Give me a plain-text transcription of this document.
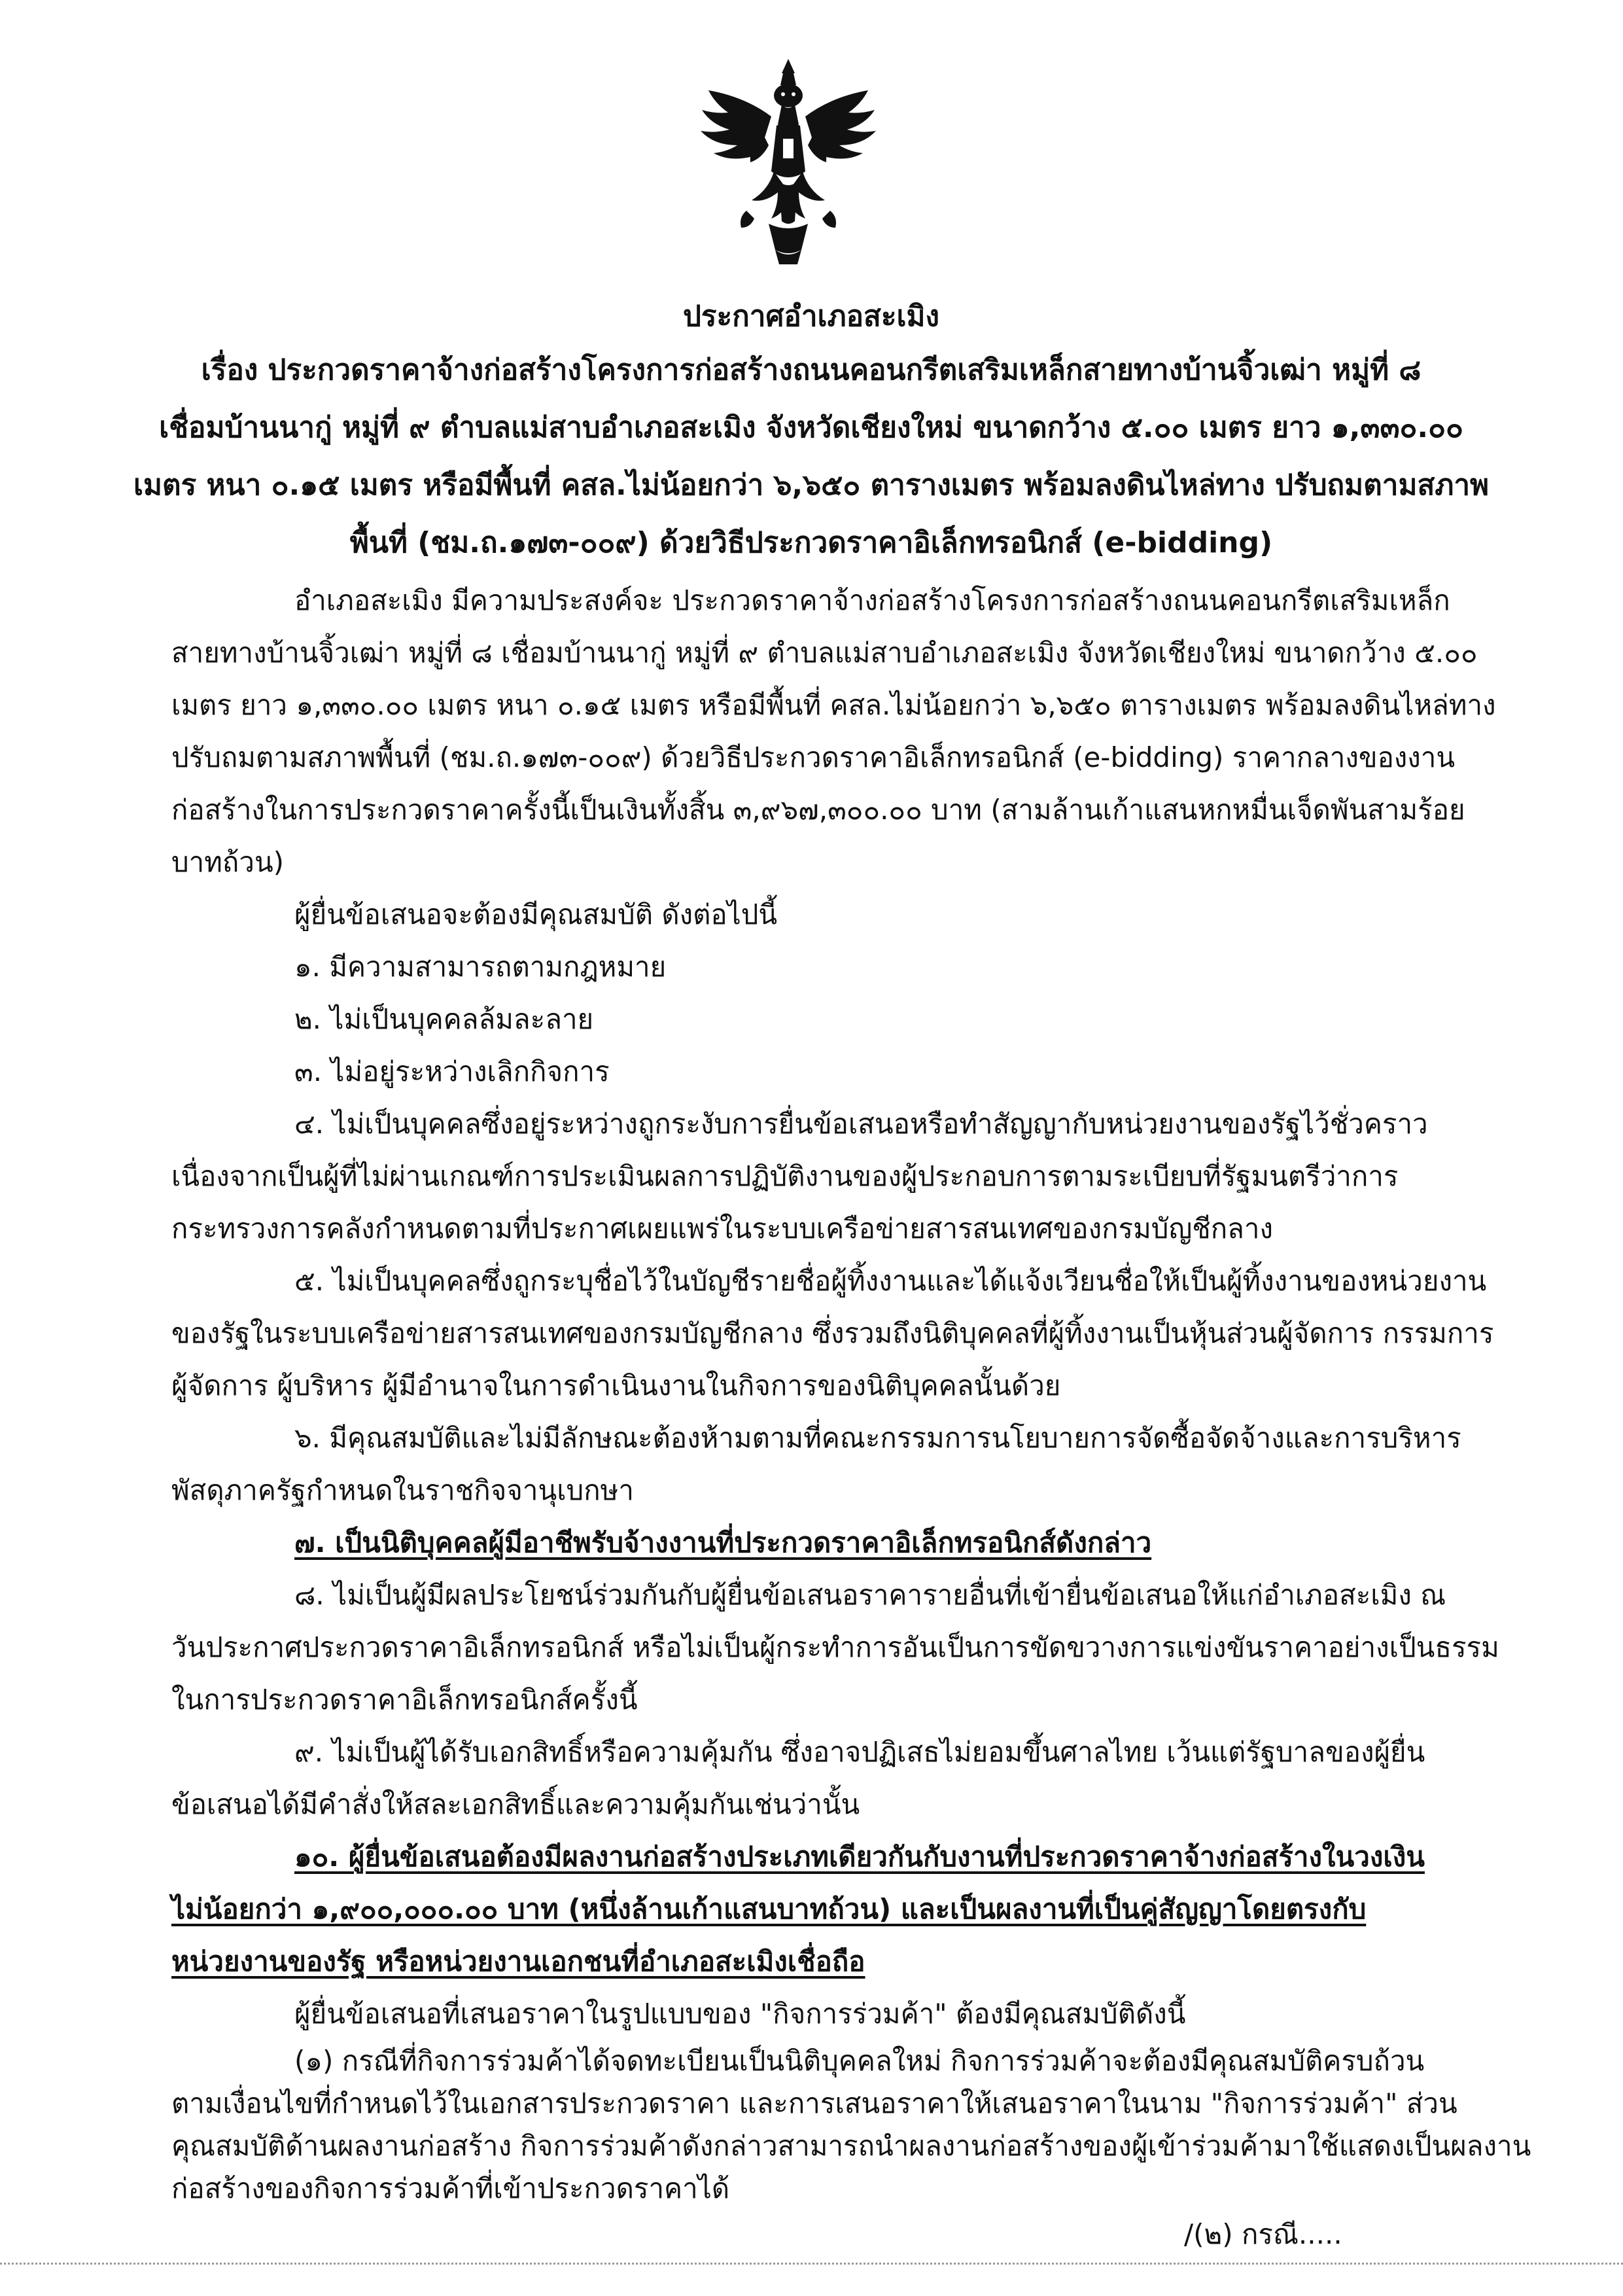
ประกาศอำเภอสะเมิง
เรื่อง ประกวดราคาจ้างก่อสร้างโครงการก่อสร้างถนนคอนกรีตเสริมเหล็กสายทางบ้านจิ้วเฒ่า หมู่ที่ ๘
เชื่อมบ้านนากู่ หมู่ที่ ๙ ตำบลแม่สาบอำเภอสะเมิง จังหวัดเชียงใหม่ ขนาดกว้าง ๕.๐๐ เมตร ยาว ๑,๓๓๐.๐๐
เมตร หนา ๐.๑๕ เมตร หรือมีพื้นที่ คสล.ไม่น้อยกว่า ๖,๖๕๐ ตารางเมตร พร้อมลงดินไหล่ทาง ปรับถมตามสภาพ
พื้นที่ (ชม.ถ.๑๗๓-๐๐๙) ด้วยวิธีประกวดราคาอิเล็กทรอนิกส์ (e-bidding)
อำเภอสะเมิง มีความประสงค์จะ ประกวดราคาจ้างก่อสร้างโครงการก่อสร้างถนนคอนกรีตเสริมเหล็ก
สายทางบ้านจิ้วเฒ่า หมู่ที่ ๘ เชื่อมบ้านนากู่ หมู่ที่ ๙ ตำบลแม่สาบอำเภอสะเมิง จังหวัดเชียงใหม่ ขนาดกว้าง ๕.๐๐
เมตร ยาว ๑,๓๓๐.๐๐ เมตร หนา ๐.๑๕ เมตร หรือมีพื้นที่ คสล.ไม่น้อยกว่า ๖,๖๕๐ ตารางเมตร พร้อมลงดินไหล่ทาง
ปรับถมตามสภาพพื้นที่ (ชม.ถ.๑๗๓-๐๐๙) ด้วยวิธีประกวดราคาอิเล็กทรอนิกส์ (e-bidding) ราคากลางของงาน
ก่อสร้างในการประกวดราคาครั้งนี้เป็นเงินทั้งสิ้น ๓,๙๖๗,๓๐๐.๐๐ บาท (สามล้านเก้าแสนหกหมื่นเจ็ดพันสามร้อย
บาทถ้วน)
ผู้ยื่นข้อเสนอจะต้องมีคุณสมบัติ ดังต่อไปนี้
๑. มีความสามารถตามกฎหมาย
๒. ไม่เป็นบุคคลล้มละลาย
๓. ไม่อยู่ระหว่างเลิกกิจการ
๔. ไม่เป็นบุคคลซึ่งอยู่ระหว่างถูกระงับการยื่นข้อเสนอหรือทำสัญญากับหน่วยงานของรัฐไว้ชั่วคราว
เนื่องจากเป็นผู้ที่ไม่ผ่านเกณฑ์การประเมินผลการปฏิบัติงานของผู้ประกอบการตามระเบียบที่รัฐมนตรีว่าการ
กระทรวงการคลังกำหนดตามที่ประกาศเผยแพร่ในระบบเครือข่ายสารสนเทศของกรมบัญชีกลาง
๕. ไม่เป็นบุคคลซึ่งถูกระบุชื่อไว้ในบัญชีรายชื่อผู้ทิ้งงานและได้แจ้งเวียนชื่อให้เป็นผู้ทิ้งงานของหน่วยงาน
ของรัฐในระบบเครือข่ายสารสนเทศของกรมบัญชีกลาง ซึ่งรวมถึงนิติบุคคลที่ผู้ทิ้งงานเป็นหุ้นส่วนผู้จัดการ กรรมการ
ผู้จัดการ ผู้บริหาร ผู้มีอำนาจในการดำเนินงานในกิจการของนิติบุคคลนั้นด้วย
๖. มีคุณสมบัติและไม่มีลักษณะต้องห้ามตามที่คณะกรรมการนโยบายการจัดซื้อจัดจ้างและการบริหาร
พัสดุภาครัฐกำหนดในราชกิจจานุเบกษา
๗. เป็นนิติบุคคลผู้มีอาชีพรับจ้างงานที่ประกวดราคาอิเล็กทรอนิกส์ดังกล่าว
๘. ไม่เป็นผู้มีผลประโยชน์ร่วมกันกับผู้ยื่นข้อเสนอราคารายอื่นที่เข้ายื่นข้อเสนอให้แก่อำเภอสะเมิง ณ
วันประกาศประกวดราคาอิเล็กทรอนิกส์ หรือไม่เป็นผู้กระทำการอันเป็นการขัดขวางการแข่งขันราคาอย่างเป็นธรรม
ในการประกวดราคาอิเล็กทรอนิกส์ครั้งนี้
๙. ไม่เป็นผู้ได้รับเอกสิทธิ์หรือความคุ้มกัน ซึ่งอาจปฏิเสธไม่ยอมขึ้นศาลไทย เว้นแต่รัฐบาลของผู้ยื่น
ข้อเสนอได้มีคำสั่งให้สละเอกสิทธิ์และความคุ้มกันเช่นว่านั้น
๑๐. ผู้ยื่นข้อเสนอต้องมีผลงานก่อสร้างประเภทเดียวกันกับงานที่ประกวดราคาจ้างก่อสร้างในวงเงิน
ไม่น้อยกว่า ๑,๙๐๐,๐๐๐.๐๐ บาท (หนึ่งล้านเก้าแสนบาทถ้วน) และเป็นผลงานที่เป็นคู่สัญญาโดยตรงกับ
หน่วยงานของรัฐ หรือหน่วยงานเอกชนที่อำเภอสะเมิงเชื่อถือ
ผู้ยื่นข้อเสนอที่เสนอราคาในรูปแบบของ "กิจการร่วมค้า" ต้องมีคุณสมบัติดังนี้
(๑) กรณีที่กิจการร่วมค้าได้จดทะเบียนเป็นนิติบุคคลใหม่ กิจการร่วมค้าจะต้องมีคุณสมบัติครบถ้วน
ตามเงื่อนไขที่กำหนดไว้ในเอกสารประกวดราคา และการเสนอราคาให้เสนอราคาในนาม "กิจการร่วมค้า" ส่วน
คุณสมบัติด้านผลงานก่อสร้าง กิจการร่วมค้าดังกล่าวสามารถนำผลงานก่อสร้างของผู้เข้าร่วมค้ามาใช้แสดงเป็นผลงาน
ก่อสร้างของกิจการร่วมค้าที่เข้าประกวดราคาได้
/(๒) กรณี.....
